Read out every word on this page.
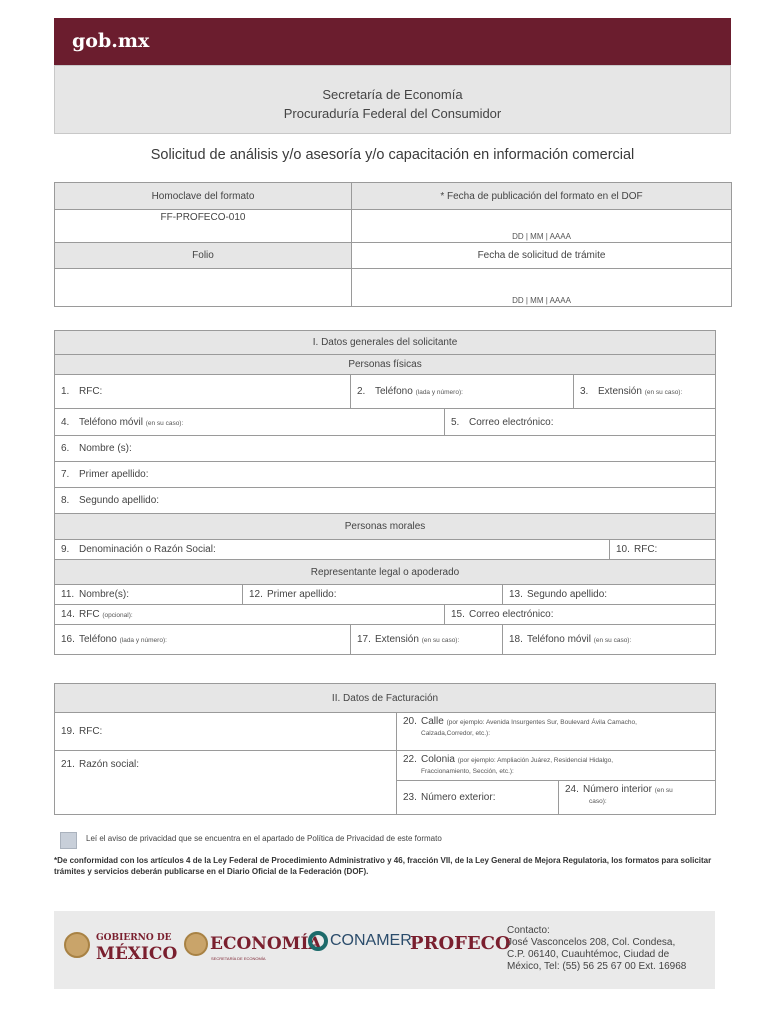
gob.mx
Secretaría de Economía
Procuraduría Federal del Consumidor
Solicitud de análisis y/o asesoría y/o capacitación en información comercial
Homoclave del formato	* Fecha de publicación del formato en el DOF
FF-PROFECO-010	DD | MM | AAAA
Folio	Fecha de solicitud de trámite
	DD | MM | AAAA
I. Datos generales del solicitante						
Personas físicas						
1. RFC:		2. Teléfono (lada y número):			3. Extensión (en su caso):	
4. Teléfono móvil (en su caso):			5. Correo electrónico:			
6. Nombre (s):						
7. Primer apellido:						
8. Segundo apellido:						
Personas morales						
9. Denominación o Razón Social:						10. RFC:
Representante legal o apoderado						
11. Nombre(s):	12. Primer apellido:			13. Segundo apellido:		
14. RFC (opcional):			15. Correo electrónico:			
16. Teléfono (lada y número):		17. Extensión (en su caso):		18. Teléfono móvil (en su caso):		
II. Datos de Facturación		
19. RFC:	20. Calle (por ejemplo: Avenida Insurgentes Sur, Boulevard Ávila Camacho,
Calzada,Corredor, etc.):	
21. Razón social:	22. Colonia (por ejemplo: Ampliación Juárez, Residencial Hidalgo,
Fraccionamiento, Sección, etc.):	
	23. Número exterior:	24. Número interior (en su
caso):
Leí el aviso de privacidad que se encuentra en el apartado de Política de Privacidad de este formato
*De conformidad con los artículos 4 de la Ley Federal de Procedimiento Administrativo y 46, fracción VII, de la Ley General de Mejora Regulatoria, los formatos para solicitar trámites y servicios deberán publicarse en el Diario Oficial de la Federación (DOF).
GOBIERNO DE
MÉXICO ECONOMÍA
SECRETARÍA DE ECONOMÍA
CONAMER
PROFECO
Contacto:
José Vasconcelos 208, Col. Condesa,
C.P. 06140, Cuauhtémoc, Ciudad de
México, Tel: (55) 56 25 67 00 Ext. 16968
